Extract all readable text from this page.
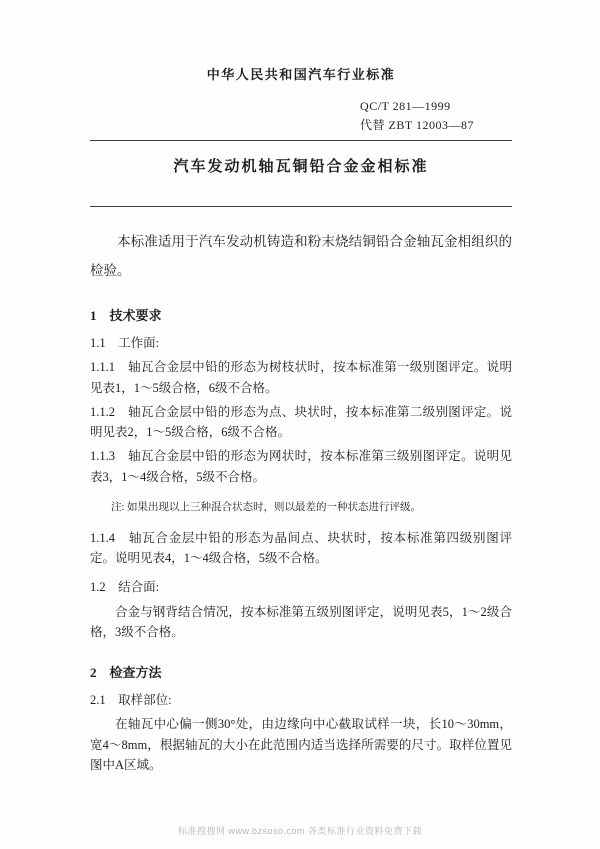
中华人民共和国汽车行业标准
QC/T 281—1999
代替 ZBT 12003—87
汽车发动机轴瓦铜铅合金金相标准

本标准适用于汽车发动机铸造和粉末烧结铜铅合金轴瓦金相组织的检验。

1　技术要求

1.1　工作面:

1.1.1　轴瓦合金层中铅的形态为树枝状时，按本标准第一级别图评定。说明见表1，1～5级合格，6级不合格。

1.1.2　轴瓦合金层中铅的形态为点、块状时，按本标准第二级别图评定。说明见表2，1～5级合格，6级不合格。

1.1.3　轴瓦合金层中铅的形态为网状时，按本标准第三级别图评定。说明见表3，1～4级合格，5级不合格。

注: 如果出现以上三种混合状态时，则以最差的一种状态进行评级。

1.1.4　轴瓦合金层中铅的形态为晶间点、块状时，按本标准第四级别图评定。说明见表4，1～4级合格，5级不合格。

1.2　结合面:

合金与钢背结合情况，按本标准第五级别图评定，说明见表5，1～2级合格，3级不合格。

2　检查方法

2.1　取样部位:

在轴瓦中心偏一侧30°处，由边缘向中心截取试样一块，长10～30mm，宽4～8mm，根据轴瓦的大小在此范围内适当选择所需要的尺寸。取样位置见图中A区域。

标准搜搜网 www.bzsoso.com 各类标准行业资料免费下载
